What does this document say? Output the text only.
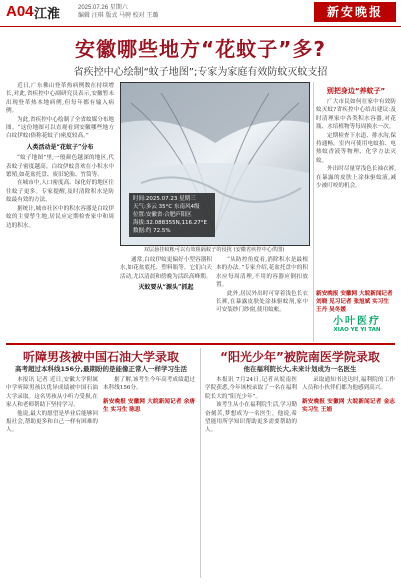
A04 江淮	2025.07.26 星期六
编辑 汪琪 版式 马骋 校对 王璐	新安晚报
安徽哪些地方“花蚊子”多?
省疾控中心绘制“蚊子地图”;专家为家庭有效防蚊灭蚊支招

近日,广东佛山登革热病例数在持续增长,对此,省疾控中心副研究员表示,安徽暂未出现登革热本地病例,但每年都有输入病例。

为此,省疾控中心绘制了全省蚊媒分布地图。“这份地图可以直观看到安徽哪些地方白纹伊蚊(俗称花蚊子)密度较高。”

人类活动是“花蚊子”分布

“蚊子地图”里,一般颜色越深的地区,代表蚊子密度越高。白纹伊蚊喜欢在小积水中繁殖,如花盆托盘、废旧轮胎、竹筒等。

在城市中,人口密度高、绿化好的地区往往蚊子更多。专家提醒,及时清除积水是防蚊最有效的方法。

据统计,城市社区中的积水容器是白纹伊蚊的主要孳生地,居民应定期检查家中和周边的积水。

时间:2025.07.23 星期三
天气:多云 35°C 东南风4级
位置:安徽省·合肥庐阳区
海拔:32.088355N,116.27°E
数据:约 72.5%
双层悬挂蚊帐可以有效阻隔蚊子的侵扰 (安徽省疾控中心供图)

通常,白纹伊蚊更偏好小型容器积水,如花盆底托、塑料瓶等。它们白天活动,尤以清晨和傍晚为活跃高峰期。

灭蚊要从“源头”抓起

“从防控角度看,消除积水是最根本的办法。”专家介绍,花盆托盘中的积水应每周清理,不用的容器应倒扣放置。

此外,居民外出时可穿着浅色长衣长裤,在暴露皮肤处涂抹驱蚊剂,家中可安装纱门纱窗,使用蚊帐。

别把身边“养蚊子”

广大市民如何在家中有效防蚊灭蚊?省疾控中心给出建议:及时清理家中各类积水容器,对花瓶、水培植物等每周换水一次。

定期检查下水道、排水沟,保持通畅。室内可使用电蚊拍、电热蚊香液等物理、化学方法灭蚊。

外出时尽量穿浅色长袖衣裤,在暴露的皮肤上涂抹驱蚊液,减少被叮咬的机会。

新安晚报 安徽网 大皖新闻记者 刘晓 见习记者 张旭斌 实习生 王丹 吴冬媛
小叶医疗
XIAO YE YI TAN
听障男孩被中国石油大学录取
高考超过本科线156分,最期盼的是能像正常人一样学习生活

本报讯 记者 近日,安徽大学附属中学听障男孩以优异成绩被中国石油大学录取。这名男孩从小听力受损,在家人和老师帮助下坚持学习。

他说,最大的愿望是毕业后能够回报社会,帮助更多和自己一样有困难的人。

据了解,该考生今年高考成绩超过本科线156分。

新安晚报 安徽网 大皖新闻记者 余唐生 实习生 陈思
“阳光少年”被院南医学院录取
他在福利院长大,未来计划成为一名医生

本报讯 7月24日,记者从皖南医学院获悉,今年该校录取了一名在福利院长大的“阳光少年”。

该考生从小在福利院生活,学习勤奋刻苦,梦想成为一名医生。他说,希望能用所学知识帮助更多需要帮助的人。

录取通知书送达时,福利院的工作人员和小伙伴们都为他感到高兴。

新安晚报 安徽网 大皖新闻记者 金志 实习生 王娟
